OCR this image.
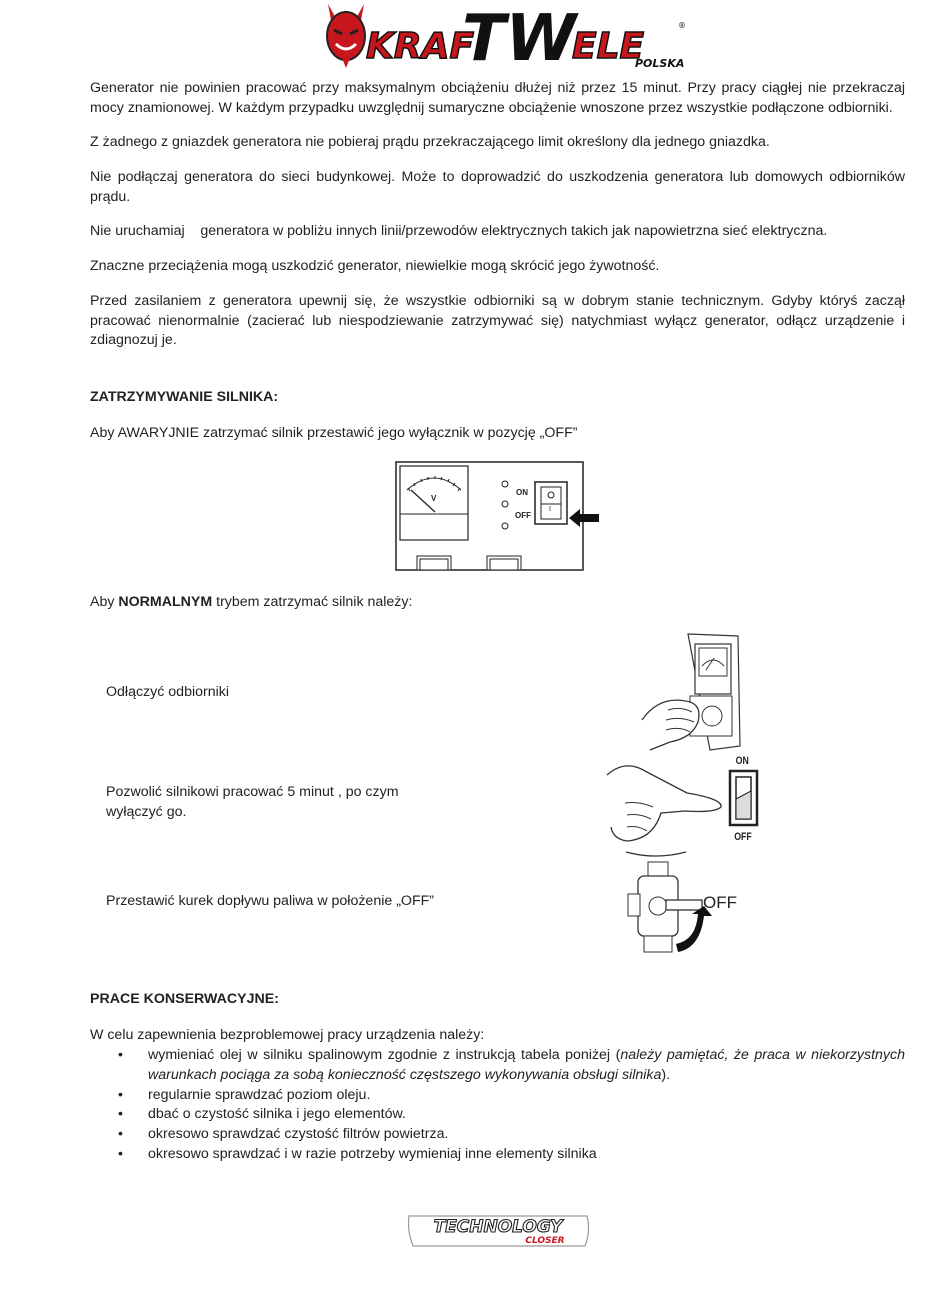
KRAF
TW
ELE
POLSKA
®
Generator nie powinien pracować przy maksymalnym obciążeniu dłużej niż przez 15 minut. Przy pracy ciągłej nie przekraczaj mocy znamionowej. W każdym przypadku uwzględnij sumaryczne obciążenie wnoszone przez wszystkie podłączone odbiorniki.
Z żadnego z gniazdek generatora nie pobieraj prądu przekraczającego limit określony dla jednego gniazdka.
Nie podłączaj generatora do sieci budynkowej. Może to doprowadzić do uszkodzenia generatora lub domowych odbiorników prądu.
Nie uruchamiaj    generatora w pobliżu innych linii/przewodów elektrycznych takich jak napowietrzna sieć elektryczna.
Znaczne przeciążenia mogą uszkodzić generator, niewielkie mogą skrócić jego żywotność.
Przed zasilaniem z generatora upewnij się, że wszystkie odbiorniki są w dobrym stanie technicznym. Gdyby któryś zaczął pracować nienormalnie (zacierać lub niespodziewanie zatrzymywać się) natychmiast wyłącz generator, odłącz urządzenie i zdiagnozuj je.
ZATRZYMYWANIE SILNIKA:
Aby AWARYJNIE zatrzymać silnik przestawić jego wyłącznik w pozycję „OFF”
V
ON
OFF
I
Aby NORMALNYM trybem zatrzymać silnik należy:
Odłączyć odbiorniki
Pozwolić silnikowi pracować 5 minut , po czym wyłączyć go.
Przestawić kurek dopływu paliwa w położenie „OFF”
ON
OFF
OFF
PRACE KONSERWACYJNE:
W celu zapewnienia bezproblemowej pracy urządzenia należy:
• wymieniać olej w silniku spalinowym zgodnie z instrukcją tabela poniżej (należy pamiętać, że praca w niekorzystnych warunkach pociąga za sobą konieczność częstszego wykonywania obsługi silnika).
• regularnie sprawdzać poziom oleju.
• dbać o czystość silnika i jego elementów.
• okresowo sprawdzać czystość filtrów powietrza.
• okresowo sprawdzać i w razie potrzeby wymieniaj inne elementy silnika
TECHNOLOGY
CLOSER
